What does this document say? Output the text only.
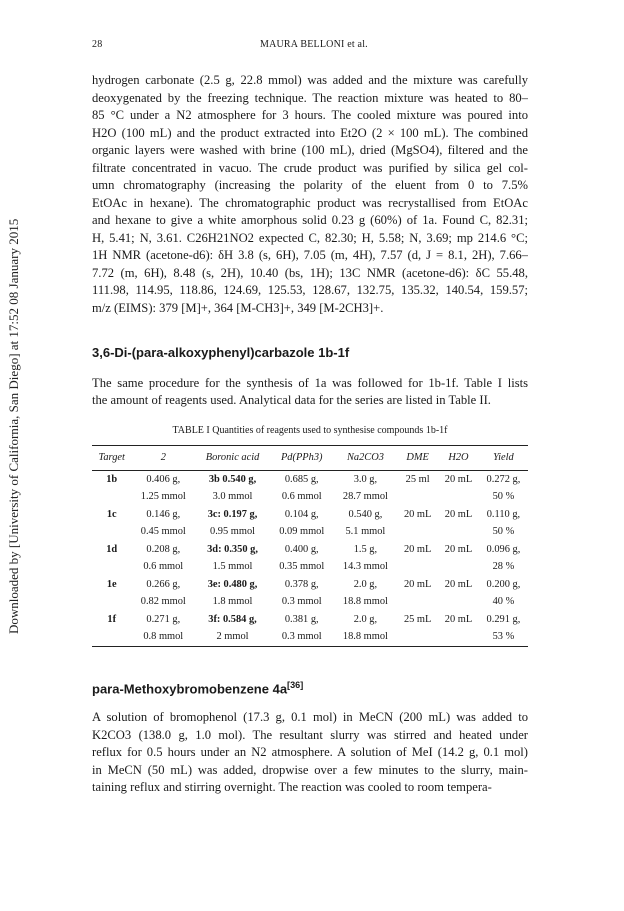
28	MAURA BELLONI et al.
Downloaded by [University of California, San Diego] at 17:52 08 January 2015
hydrogen carbonate (2.5 g, 22.8 mmol) was added and the mixture was carefully
deoxygenated by the freezing technique. The reaction mixture was heated to 80–
85 °C under a N2 atmosphere for 3 hours. The cooled mixture was poured into
H2O (100 mL) and the product extracted into Et2O (2 × 100 mL). The combined
organic layers were washed with brine (100 mL), dried (MgSO4), filtered and the
filtrate concentrated in vacuo. The crude product was purified by silica gel col-
umn chromatography (increasing the polarity of the eluent from 0 to 7.5%
EtOAc in hexane). The chromatographic product was recrystallised from EtOAc
and hexane to give a white amorphous solid 0.23 g (60%) of 1a. Found C, 82.31;
H, 5.41; N, 3.61. C26H21NO2 expected C, 82.30; H, 5.58; N, 3.69; mp 214.6 °C;
1H NMR (acetone-d6): δH 3.8 (s, 6H), 7.05 (m, 4H), 7.57 (d, J = 8.1, 2H), 7.66–
7.72 (m, 6H), 8.48 (s, 2H), 10.40 (bs, 1H); 13C NMR (acetone-d6): δC 55.48,
111.98, 114.95, 118.86, 124.69, 125.53, 128.67, 132.75, 135.32, 140.54, 159.57;
m/z (EIMS): 379 [M]+, 364 [M-CH3]+, 349 [M-2CH3]+.

3,6-Di-(para-alkoxyphenyl)carbazole 1b-1f

The same procedure for the synthesis of 1a was followed for 1b-1f. Table I lists
the amount of reagents used. Analytical data for the series are listed in Table II.
TABLE I Quantities of reagents used to synthesise compounds 1b-1f
Target	2	Boronic acid	Pd(PPh3)	Na2CO3	DME	H2O	Yield
1b	0.406 g,	3b 0.540 g,	0.685 g,	3.0 g,	25 ml	20 mL	0.272 g,
	1.25 mmol	3.0 mmol	0.6 mmol	28.7 mmol			50 %
1c	0.146 g,	3c: 0.197 g,	0.104 g,	0.540 g,	20 mL	20 mL	0.110 g,
	0.45 mmol	0.95 mmol	0.09 mmol	5.1 mmol			50 %
1d	0.208 g,	3d: 0.350 g,	0.400 g,	1.5 g,	20 mL	20 mL	0.096 g,
	0.6 mmol	1.5 mmol	0.35 mmol	14.3 mmol			28 %
1e	0.266 g,	3e: 0.480 g,	0.378 g,	2.0 g,	20 mL	20 mL	0.200 g,
	0.82 mmol	1.8 mmol	0.3 mmol	18.8 mmol			40 %
1f	0.271 g,	3f: 0.584 g,	0.381 g,	2.0 g,	25 mL	20 mL	0.291 g,
	0.8 mmol	2 mmol	0.3 mmol	18.8 mmol			53 %

para-Methoxybromobenzene 4a[36]

A solution of bromophenol (17.3 g, 0.1 mol) in MeCN (200 mL) was added to
K2CO3 (138.0 g, 1.0 mol). The resultant slurry was stirred and heated under
reflux for 0.5 hours under an N2 atmosphere. A solution of MeI (14.2 g, 0.1 mol)
in MeCN (50 mL) was added, dropwise over a few minutes to the slurry, main-
taining reflux and stirring overnight. The reaction was cooled to room tempera-
